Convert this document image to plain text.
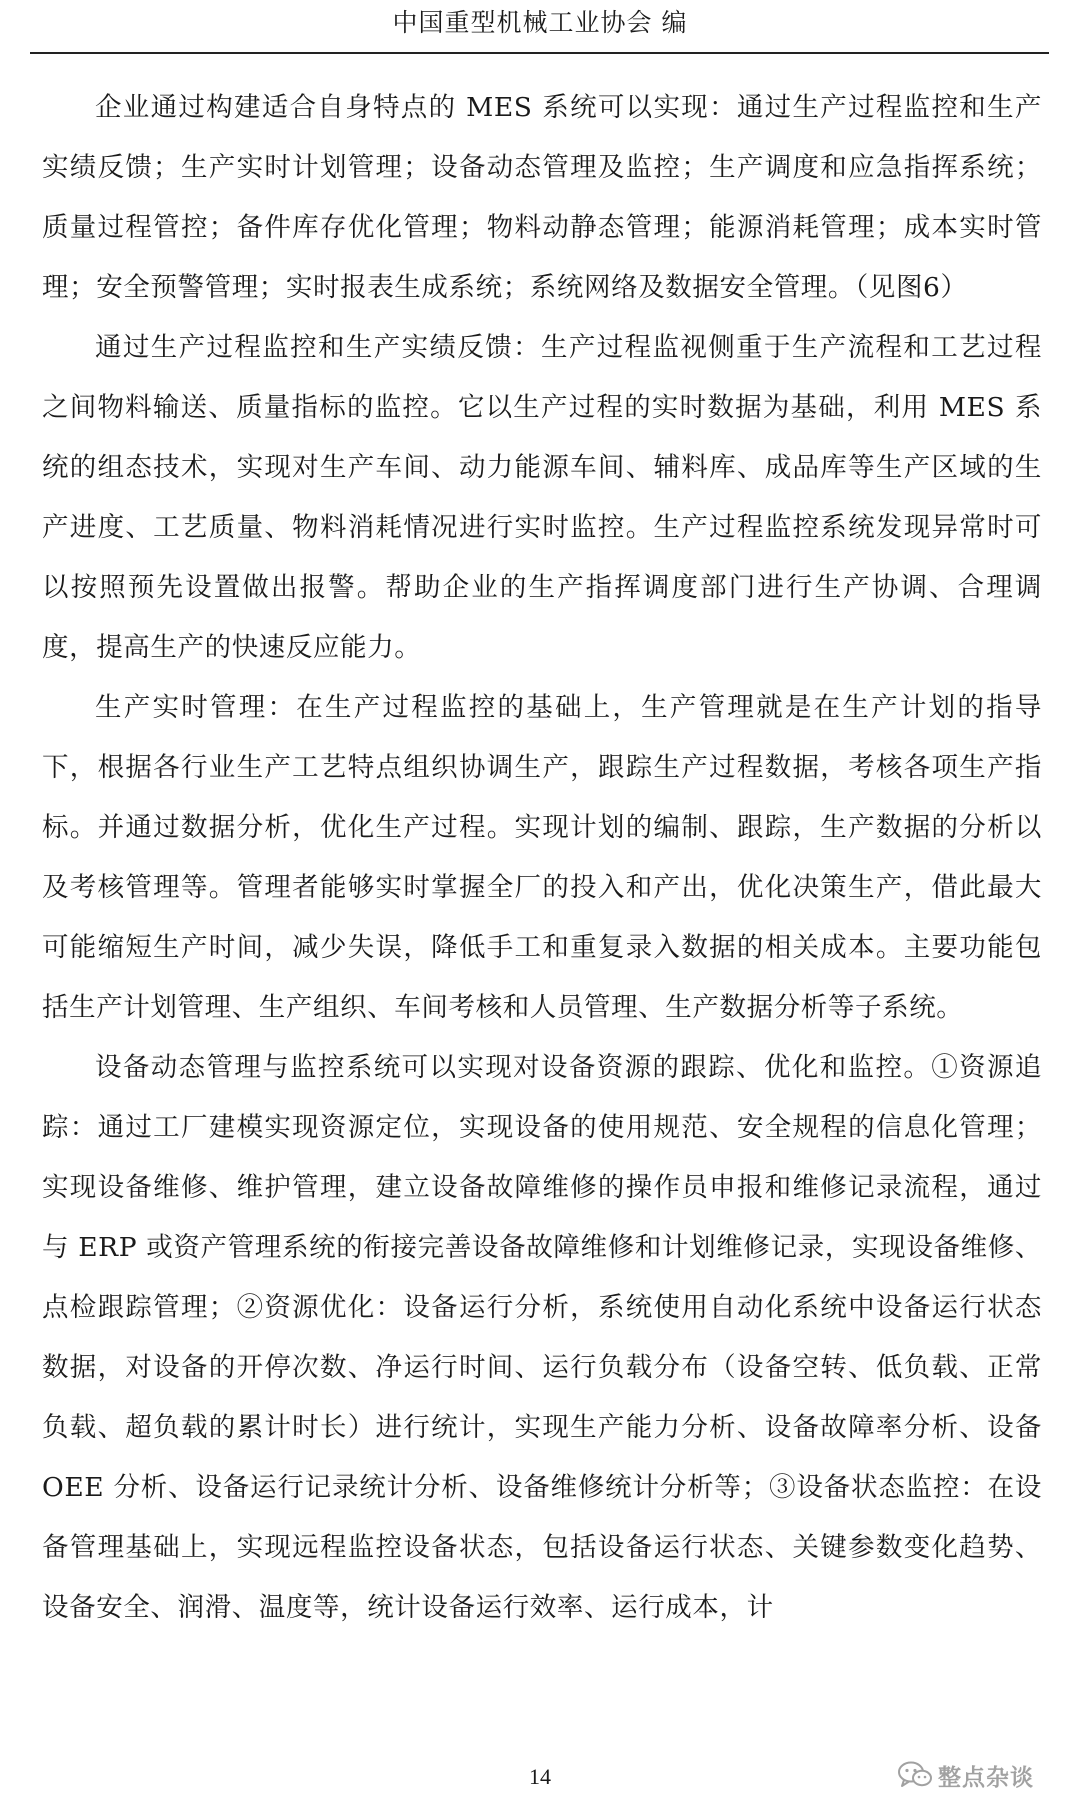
中国重型机械工业协会 编

企业通过构建适合自身特点的 MES 系统可以实现：通过生产过程监控和生产实绩反馈；生产实时计划管理；设备动态管理及监控；生产调度和应急指挥系统；质量过程管控；备件库存优化管理；物料动静态管理；能源消耗管理；成本实时管理；安全预警管理；实时报表生成系统；系统网络及数据安全管理。（见图6）

通过生产过程监控和生产实绩反馈：生产过程监视侧重于生产流程和工艺过程之间物料输送、质量指标的监控。它以生产过程的实时数据为基础，利用 MES 系统的组态技术，实现对生产车间、动力能源车间、辅料库、成品库等生产区域的生产进度、工艺质量、物料消耗情况进行实时监控。生产过程监控系统发现异常时可以按照预先设置做出报警。帮助企业的生产指挥调度部门进行生产协调、合理调度，提高生产的快速反应能力。

生产实时管理：在生产过程监控的基础上，生产管理就是在生产计划的指导下，根据各行业生产工艺特点组织协调生产，跟踪生产过程数据，考核各项生产指标。并通过数据分析，优化生产过程。实现计划的编制、跟踪，生产数据的分析以及考核管理等。管理者能够实时掌握全厂的投入和产出，优化决策生产，借此最大可能缩短生产时间，减少失误，降低手工和重复录入数据的相关成本。主要功能包括生产计划管理、生产组织、车间考核和人员管理、生产数据分析等子系统。

设备动态管理与监控系统可以实现对设备资源的跟踪、优化和监控。①资源追踪：通过工厂建模实现资源定位，实现设备的使用规范、安全规程的信息化管理；实现设备维修、维护管理，建立设备故障维修的操作员申报和维修记录流程，通过与 ERP 或资产管理系统的衔接完善设备故障维修和计划维修记录，实现设备维修、点检跟踪管理；②资源优化：设备运行分析，系统使用自动化系统中设备运行状态数据，对设备的开停次数、净运行时间、运行负载分布（设备空转、低负载、正常负载、超负载的累计时长）进行统计，实现生产能力分析、设备故障率分析、设备 OEE 分析、设备运行记录统计分析、设备维修统计分析等；③设备状态监控：在设备管理基础上，实现远程监控设备状态，包括设备运行状态、关键参数变化趋势、设备安全、润滑、温度等，统计设备运行效率、运行成本，计

14	整点杂谈
